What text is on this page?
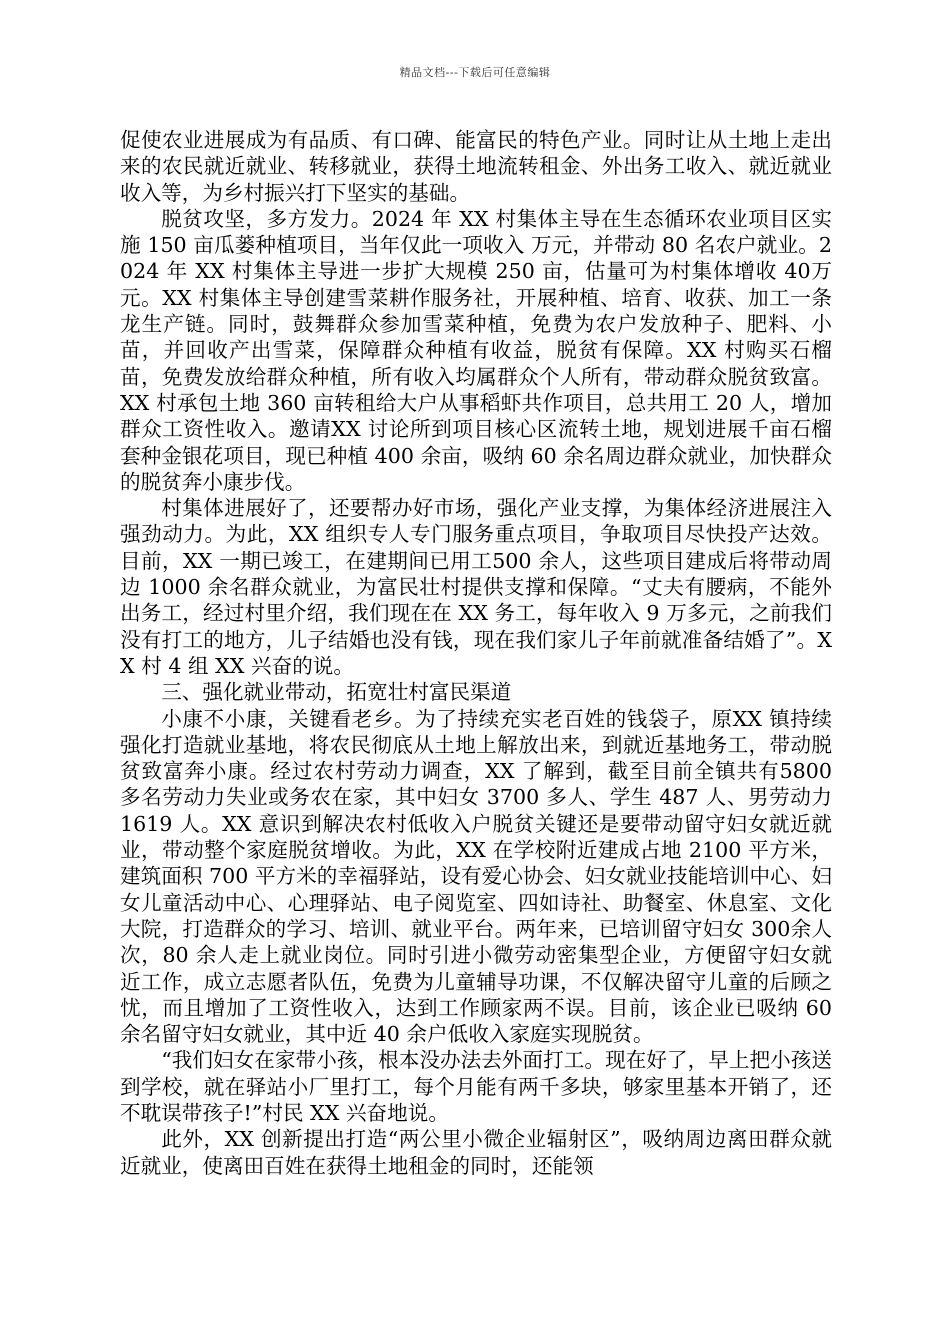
精品文档---下载后可任意编辑

促使农业进展成为有品质、有口碑、能富民的特色产业。同时让从土地上走出来的农民就近就业、转移就业，获得土地流转租金、外出务工收入、就近就业收入等，为乡村振兴打下坚实的基础。

脱贫攻坚，多方发力。2024 年 XX 村集体主导在生态循环农业项目区实施 150 亩瓜蒌种植项目，当年仅此一项收入 万元，并带动 80 名农户就业。2024 年 XX 村集体主导进一步扩大规模 250 亩，估量可为村集体增收 40万元。XX 村集体主导创建雪菜耕作服务社，开展种植、培育、收获、加工一条龙生产链。同时，鼓舞群众参加雪菜种植，免费为农户发放种子、肥料、小苗，并回收产出雪菜，保障群众种植有收益，脱贫有保障。XX 村购买石榴苗，免费发放给群众种植，所有收入均属群众个人所有，带动群众脱贫致富。XX 村承包土地 360 亩转租给大户从事稻虾共作项目，总共用工 20 人，增加群众工资性收入。邀请XX 讨论所到项目核心区流转土地，规划进展千亩石榴套种金银花项目，现已种植 400 余亩，吸纳 60 余名周边群众就业，加快群众的脱贫奔小康步伐。

村集体进展好了，还要帮办好市场，强化产业支撑，为集体经济进展注入强劲动力。为此，XX 组织专人专门服务重点项目，争取项目尽快投产达效。目前，XX 一期已竣工，在建期间已用工500 余人，这些项目建成后将带动周边 1000 余名群众就业，为富民壮村提供支撑和保障。“丈夫有腰病，不能外出务工，经过村里介绍，我们现在在 XX 务工，每年收入 9 万多元，之前我们没有打工的地方，儿子结婚也没有钱，现在我们家儿子年前就准备结婚了”。XX 村 4 组 XX 兴奋的说。

三、强化就业带动，拓宽壮村富民渠道

小康不小康，关键看老乡。为了持续充实老百姓的钱袋子，原XX 镇持续强化打造就业基地，将农民彻底从土地上解放出来，到就近基地务工，带动脱贫致富奔小康。经过农村劳动力调查，XX 了解到，截至目前全镇共有5800 多名劳动力失业或务农在家，其中妇女 3700 多人、学生 487 人、男劳动力 1619 人。XX 意识到解决农村低收入户脱贫关键还是要带动留守妇女就近就业，带动整个家庭脱贫增收。为此，XX 在学校附近建成占地 2100 平方米，建筑面积 700 平方米的幸福驿站，设有爱心协会、妇女就业技能培训中心、妇女儿童活动中心、心理驿站、电子阅览室、四如诗社、助餐室、休息室、文化大院，打造群众的学习、培训、就业平台。两年来，已培训留守妇女 300余人次，80 余人走上就业岗位。同时引进小微劳动密集型企业，方便留守妇女就近工作，成立志愿者队伍，免费为儿童辅导功课，不仅解决留守儿童的后顾之忧，而且增加了工资性收入，达到工作顾家两不误。目前，该企业已吸纳 60 余名留守妇女就业，其中近 40 余户低收入家庭实现脱贫。

“我们妇女在家带小孩，根本没办法去外面打工。现在好了，早上把小孩送到学校，就在驿站小厂里打工，每个月能有两千多块，够家里基本开销了，还不耽误带孩子!”村民 XX 兴奋地说。

此外，XX 创新提出打造“两公里小微企业辐射区”，吸纳周边离田群众就近就业，使离田百姓在获得土地租金的同时，还能领
